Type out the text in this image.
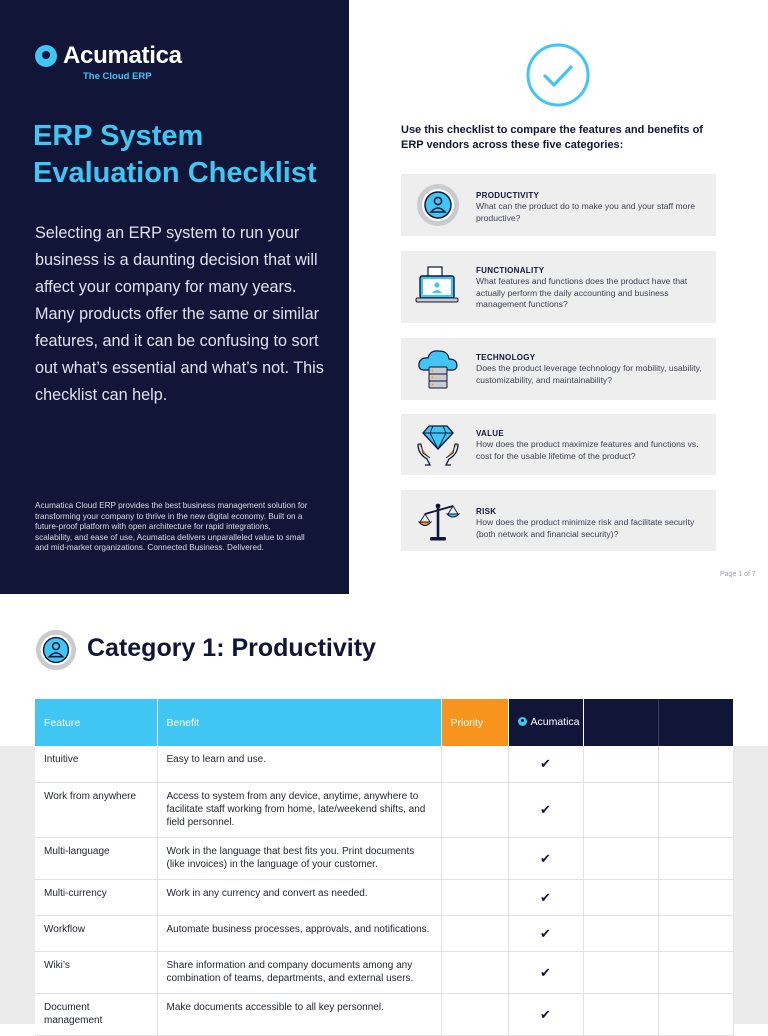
Acumatica
The Cloud ERP
ERP System Evaluation Checklist

Selecting an ERP system to run your business is a daunting decision that will affect your company for many years. Many products offer the same or similar features, and it can be confusing to sort out what’s essential and what’s not. This checklist can help.

Acumatica Cloud ERP provides the best business management solution for transforming your company to thrive in the new digital economy. Built on a future-proof platform with open architecture for rapid integrations, scalability, and ease of use, Acumatica delivers unparalleled value to small and mid-market organizations. Connected Business. Delivered.

Use this checklist to compare the features and benefits of ERP vendors across these five categories:

PRODUCTIVITY
What can the product do to make you and your staff more productive?
FUNCTIONALITY
What features and functions does the product have that actually perform the daily accounting and business management functions?
TECHNOLOGY
Does the product leverage technology for mobility, usability, customizability, and maintainability?
VALUE
How does the product maximize features and functions vs. cost for the usable lifetime of the product?
RISK
How does the product minimize risk and facilitate security (both network and financial security)?
Page 1 of 7
Category 1: Productivity
Feature	Benefit	Priority	Acumatica		

Intuitive	Easy to learn and use.		✔		
Work from anywhere	Access to system from any device, anytime, anywhere to facilitate staff working from home, late/weekend shifts, and field personnel.		✔		
Multi-language	Work in the language that best fits you. Print documents (like invoices) in the language of your customer.		✔		
Multi-currency	Work in any currency and convert as needed.		✔		
Workflow	Automate business processes, approvals, and notifications.		✔		
Wiki’s	Share information and company documents among any combination of teams, departments, and external users.		✔		
Document management	Make documents accessible to all key personnel.		✔		
